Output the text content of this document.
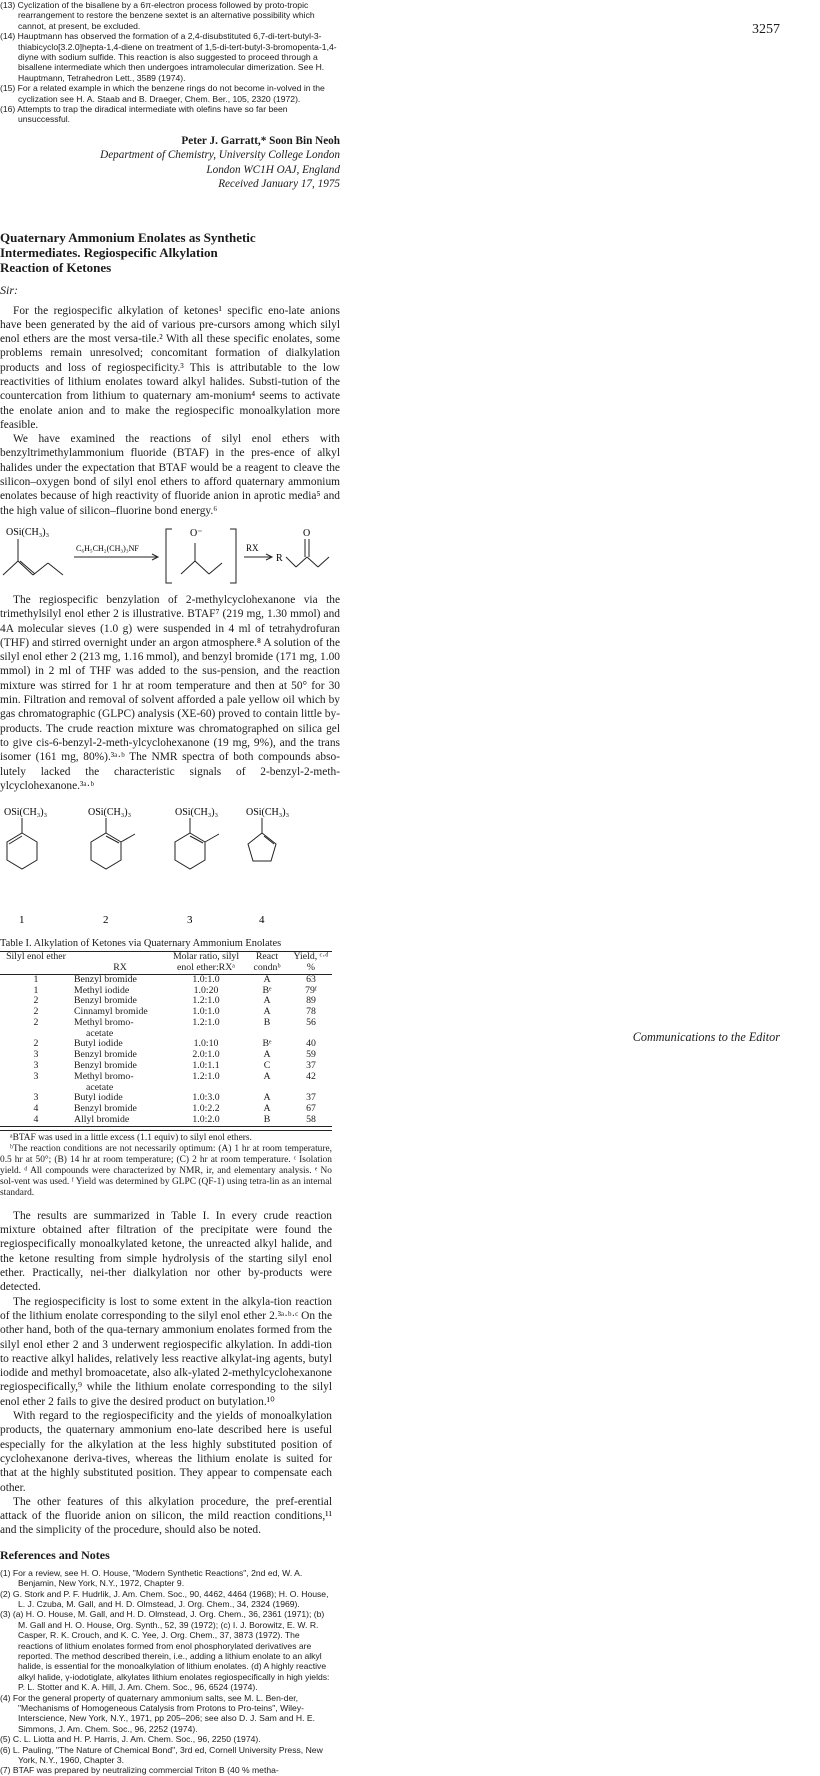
3257

(13) Cyclization of the bisallene by a 6π-electron process followed by proto-tropic rearrangement to restore the benzene sextet is an alternative possibility which cannot, at present, be excluded.

(14) Hauptmann has observed the formation of a 2,4-disubstituted 6,7-di-tert-butyl-3-thiabicyclo[3.2.0]hepta-1,4-diene on treatment of 1,5-di-tert-butyl-3-bromopenta-1,4-diyne with sodium sulfide. This reaction is also suggested to proceed through a bisallene intermediate which then undergoes intramolecular dimerization. See H. Hauptmann, Tetrahedron Lett., 3589 (1974).

(15) For a related example in which the benzene rings do not become in-volved in the cyclization see H. A. Staab and B. Draeger, Chem. Ber., 105, 2320 (1972).

(16) Attempts to trap the diradical intermediate with olefins have so far been unsuccessful.

Peter J. Garratt,* Soon Bin Neoh
Department of Chemistry, University College London
London WC1H OAJ, England
Received January 17, 1975
Quaternary Ammonium Enolates as Synthetic
Intermediates. Regiospecific Alkylation
Reaction of Ketones
Sir:

For the regiospecific alkylation of ketones¹ specific eno-late anions have been generated by the aid of various pre-cursors among which silyl enol ethers are the most versa-tile.² With all these specific enolates, some problems remain unresolved; concomitant formation of dialkylation products and loss of regiospecificity.³ This is attributable to the low reactivities of lithium enolates toward alkyl halides. Substi-tution of the countercation from lithium to quaternary am-monium⁴ seems to activate the enolate anion and to make the regiospecific monoalkylation more feasible.

We have examined the reactions of silyl enol ethers with benzyltrimethylammonium fluoride (BTAF) in the pres-ence of alkyl halides under the expectation that BTAF would be a reagent to cleave the silicon–oxygen bond of silyl enol ethers to afford quaternary ammonium enolates because of high reactivity of fluoride anion in aprotic media⁵ and the high value of silicon–fluorine bond energy.⁶

OSi(CH₃)₃
C₆H₅CH₂(CH₃)₃NF
O⁻
RX
R
O

The regiospecific benzylation of 2-methylcyclohexanone via the trimethylsilyl enol ether 2 is illustrative. BTAF⁷ (219 mg, 1.30 mmol) and 4A molecular sieves (1.0 g) were suspended in 4 ml of tetrahydrofuran (THF) and stirred overnight under an argon atmosphere.⁸ A solution of the silyl enol ether 2 (213 mg, 1.16 mmol), and benzyl bromide (171 mg, 1.00 mmol) in 2 ml of THF was added to the sus-pension, and the reaction mixture was stirred for 1 hr at room temperature and then at 50° for 30 min. Filtration and removal of solvent afforded a pale yellow oil which by gas chromatographic (GLPC) analysis (XE-60) proved to contain little by-products. The crude reaction mixture was chromatographed on silica gel to give cis-6-benzyl-2-meth-ylcyclohexanone (19 mg, 9%), and the trans isomer (161 mg, 80%).³ᵃ·ᵇ The NMR spectra of both compounds abso-lutely lacked the characteristic signals of 2-benzyl-2-meth-ylcyclohexanone.³ᵃ·ᵇ

OSi(CH₃)₃
1
OSi(CH₃)₃
2
OSi(CH₃)₃
3
OSi(CH₃)₃
4
Table I. Alkylation of Ketones via Quaternary Ammonium Enolates
Silyl enol ether	RX	Molar ratio, silyl enol ether:RXᵃ	React condnᵇ	Yield, ᶜ·ᵈ %
1	Benzyl bromide	1.0:1.0	A	63
1	Methyl iodide	1.0:20	Bᵉ	79ᶠ
2	Benzyl bromide	1.2:1.0	A	89
2	Cinnamyl bromide	1.0:1.0	A	78
2	Methyl bromo-	1.2:1.0	B	56
	acetate			
2	Butyl iodide	1.0:10	Bᵉ	40
3	Benzyl bromide	2.0:1.0	A	59
3	Benzyl bromide	1.0:1.1	C	37
3	Methyl bromo-	1.2:1.0	A	42
	acetate			
3	Butyl iodide	1.0:3.0	A	37
4	Benzyl bromide	1.0:2.2	A	67
4	Allyl bromide	1.0:2.0	B	58

ᵃBTAF was used in a little excess (1.1 equiv) to silyl enol ethers.

ᵇThe reaction conditions are not necessarily optimum: (A) 1 hr at room temperature, 0.5 hr at 50°; (B) 14 hr at room temperature; (C) 2 hr at room temperature. ᶜ Isolation yield. ᵈ All compounds were characterized by NMR, ir, and elementary analysis. ᵉ No sol-vent was used. ᶠ Yield was determined by GLPC (QF-1) using tetra-lin as an internal standard.

The results are summarized in Table I. In every crude reaction mixture obtained after filtration of the precipitate were found the regiospecifically monoalkylated ketone, the unreacted alkyl halide, and the ketone resulting from simple hydrolysis of the starting silyl enol ether. Practically, nei-ther dialkylation nor other by-products were detected.

The regiospecificity is lost to some extent in the alkyla-tion reaction of the lithium enolate corresponding to the silyl enol ether 2.³ᵃ·ᵇ·ᶜ On the other hand, both of the qua-ternary ammonium enolates formed from the silyl enol ether 2 and 3 underwent regiospecific alkylation. In addi-tion to reactive alkyl halides, relatively less reactive alkylat-ing agents, butyl iodide and methyl bromoacetate, also alk-ylated 2-methylcyclohexanone regiospecifically,⁹ while the lithium enolate corresponding to the silyl enol ether 2 fails to give the desired product on butylation.¹⁰

With regard to the regiospecificity and the yields of monoalkylation products, the quaternary ammonium eno-late described here is useful especially for the alkylation at the less highly substituted position of cyclohexanone deriva-tives, whereas the lithium enolate is suited for that at the highly substituted position. They appear to compensate each other.

The other features of this alkylation procedure, the pref-erential attack of the fluoride anion on silicon, the mild reaction conditions,¹¹ and the simplicity of the procedure, should also be noted.

References and Notes

(1) For a review, see H. O. House, "Modern Synthetic Reactions", 2nd ed, W. A. Benjamin, New York, N.Y., 1972, Chapter 9.

(2) G. Stork and P. F. Hudrlik, J. Am. Chem. Soc., 90, 4462, 4464 (1968); H. O. House, L. J. Czuba, M. Gall, and H. D. Olmstead, J. Org. Chem., 34, 2324 (1969).

(3) (a) H. O. House, M. Gall, and H. D. Olmstead, J. Org. Chem., 36, 2361 (1971); (b) M. Gall and H. O. House, Org. Synth., 52, 39 (1972); (c) I. J. Borowitz, E. W. R. Casper, R. K. Crouch, and K. C. Yee, J. Org. Chem., 37, 3873 (1972). The reactions of lithium enolates formed from enol phosphorylated derivatives are reported. The method described therein, i.e., adding a lithium enolate to an alkyl halide, is essential for the monoalkylation of lithium enolates. (d) A highly reactive alkyl halide, γ-iodotiglate, alkylates lithium enolates regiospecifically in high yields: P. L. Stotter and K. A. Hill, J. Am. Chem. Soc., 96, 6524 (1974).

(4) For the general property of quaternary ammonium salts, see M. L. Ben-der, "Mechanisms of Homogeneous Catalysis from Protons to Pro-teins", Wiley-Interscience, New York, N.Y., 1971, pp 205–206; see also D. J. Sam and H. E. Simmons, J. Am. Chem. Soc., 96, 2252 (1974).

(5) C. L. Liotta and H. P. Harris, J. Am. Chem. Soc., 96, 2250 (1974).

(6) L. Pauling, "The Nature of Chemical Bond", 3rd ed, Cornell University Press, New York, N.Y., 1960, Chapter 3.

(7) BTAF was prepared by neutralizing commercial Triton B (40 % metha-

Communications to the Editor
